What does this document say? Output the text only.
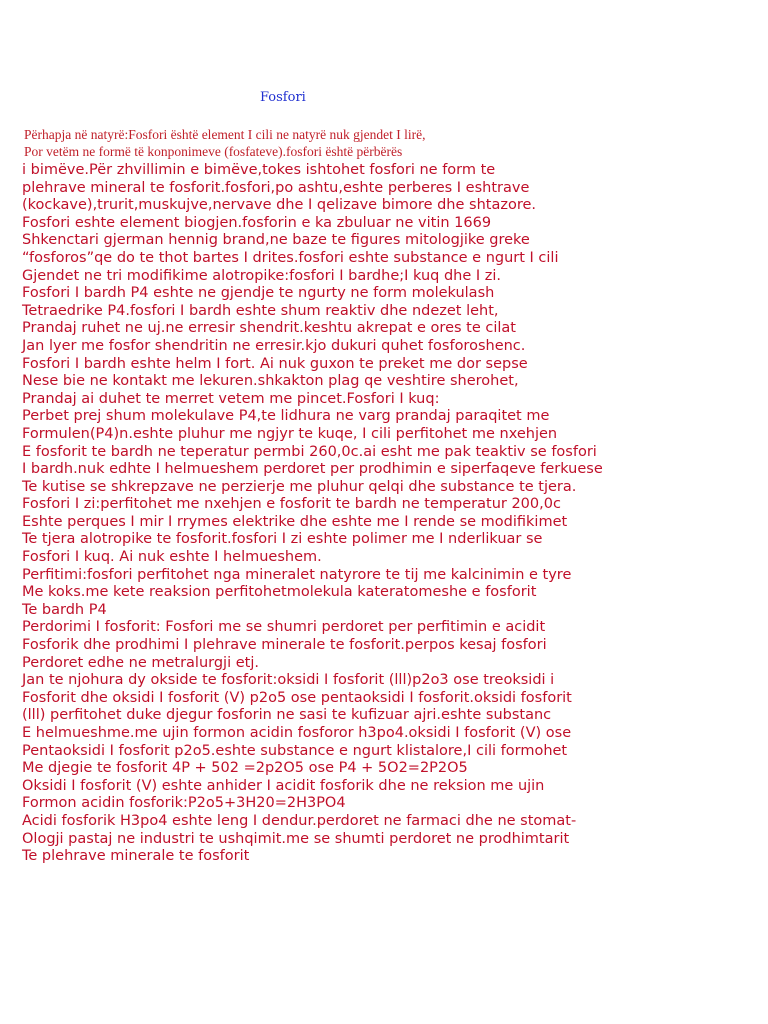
Fosfori
Përhapja në natyrë:Fosfori është element I cili ne natyrë nuk gjendet I lirë,
Por vetëm ne formë të konponimeve (fosfateve).fosfori është përbërës
i bimëve.Për zhvillimin e bimëve,tokes ishtohet fosfori ne form te
plehrave mineral te fosforit.fosfori,po ashtu,eshte perberes I eshtrave
(kockave),trurit,muskujve,nervave dhe I qelizave bimore dhe shtazore.
Fosfori eshte element biogjen.fosforin e ka zbuluar ne vitin 1669
Shkenctari gjerman hennig brand,ne baze te figures mitologjike greke
“fosforos”qe do te thot bartes I drites.fosfori eshte substance e ngurt I cili
Gjendet ne tri modifikime alotropike:fosfori I bardhe;I kuq dhe I zi.
Fosfori I bardh P4 eshte ne gjendje te ngurty ne form molekulash
Tetraedrike P4.fosfori I bardh eshte shum reaktiv dhe ndezet leht,
Prandaj ruhet ne uj.ne erresir shendrit.keshtu akrepat e ores te cilat
Jan lyer me fosfor shendritin ne erresir.kjo dukuri quhet fosforoshenc.
Fosfori I bardh eshte helm I fort. Ai nuk guxon te preket me dor sepse
Nese bie ne kontakt me lekuren.shkakton plag qe veshtire sherohet,
Prandaj ai duhet te merret vetem me pincet.Fosfori I kuq:
Perbet prej shum molekulave P4,te lidhura ne varg prandaj paraqitet me
Formulen(P4)n.eshte pluhur me ngjyr te kuqe, I cili perfitohet me nxehjen
E fosforit te bardh ne teperatur permbi 260,0c.ai esht me pak teaktiv se fosfori
I bardh.nuk edhte I helmueshem perdoret per prodhimin e siperfaqeve ferkuese
Te kutise se shkrepzave ne perzierje me pluhur qelqi dhe substance te tjera.
Fosfori I zi:perfitohet me nxehjen e fosforit te bardh ne temperatur 200,0c
Eshte perques I mir I rrymes elektrike dhe eshte me I rende se modifikimet
Te tjera alotropike te fosforit.fosfori I zi eshte polimer me I nderlikuar se
Fosfori I kuq. Ai nuk eshte I helmueshem.
Perfitimi:fosfori perfitohet nga mineralet natyrore te tij me kalcinimin e tyre
Me koks.me kete reaksion perfitohetmolekula kateratomeshe e fosforit
Te bardh P4
Perdorimi I fosforit: Fosfori me se shumri perdoret per perfitimin e acidit
Fosforik dhe prodhimi I plehrave minerale te fosforit.perpos kesaj fosfori
Perdoret edhe ne metralurgji etj.
Jan te njohura dy okside te fosforit:oksidi I fosforit (lll)p2o3 ose treoksidi i
Fosforit dhe oksidi I fosforit (V) p2o5 ose pentaoksidi I fosforit.oksidi fosforit
(lll) perfitohet duke djegur fosforin ne sasi te kufizuar ajri.eshte substanc
E helmueshme.me ujin formon acidin fosforor h3po4.oksidi I fosforit (V) ose
Pentaoksidi I fosforit p2o5.eshte substance e ngurt klistalore,I cili formohet
Me djegie te fosforit 4P + 502 =2p2O5 ose P4 + 5O2=2P2O5
Oksidi I fosforit (V) eshte anhider I acidit fosforik dhe ne reksion me ujin
Formon acidin fosforik:P2o5+3H20=2H3PO4
Acidi fosforik H3po4 eshte leng I dendur.perdoret ne farmaci dhe ne stomat-
Ologji pastaj ne industri te ushqimit.me se shumti perdoret ne prodhimtarit
Te plehrave minerale te fosforit
